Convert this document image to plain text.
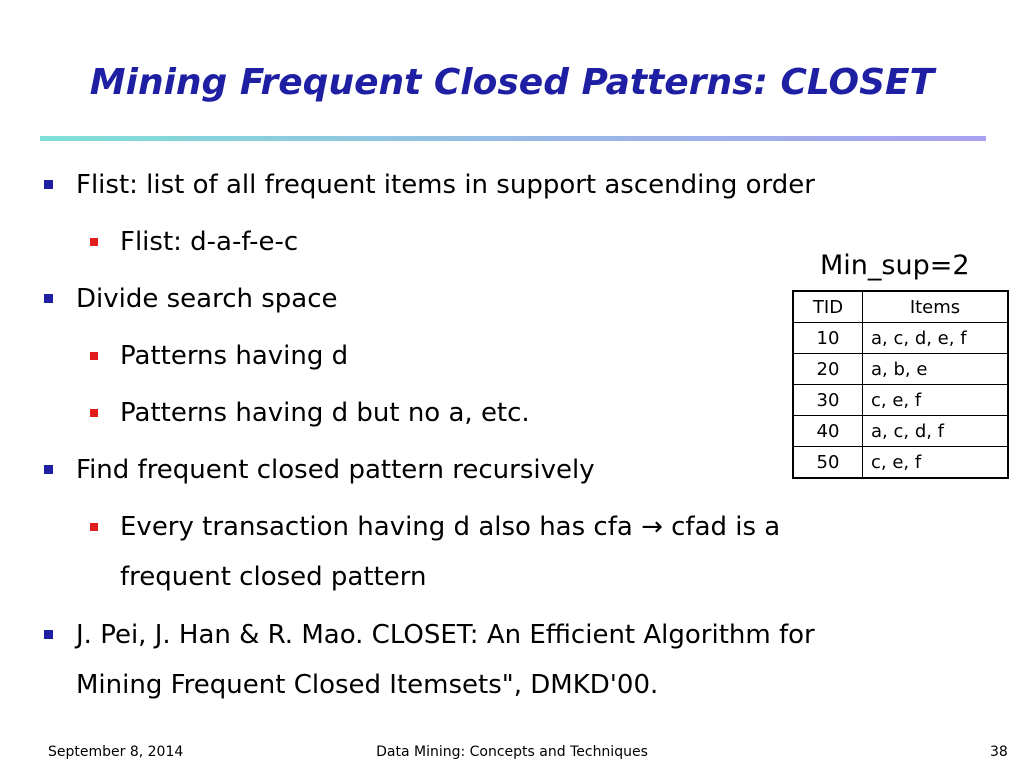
Mining Frequent Closed Patterns: CLOSET
Flist: list of all frequent items in support ascending order
Flist: d-a-f-e-c
Divide search space
Patterns having d
Patterns having d but no a, etc.
Find frequent closed pattern recursively
Every transaction having d also has cfa → cfad is a
frequent closed pattern
J. Pei, J. Han & R. Mao. CLOSET: An Efficient Algorithm for
Mining Frequent Closed Itemsets", DMKD'00.
Min_sup=2
TID	Items
10	a, c, d, e, f
20	a, b, e
30	c, e, f
40	a, c, d, f
50	c, e, f
September 8, 2014	Data Mining: Concepts and Techniques	38
